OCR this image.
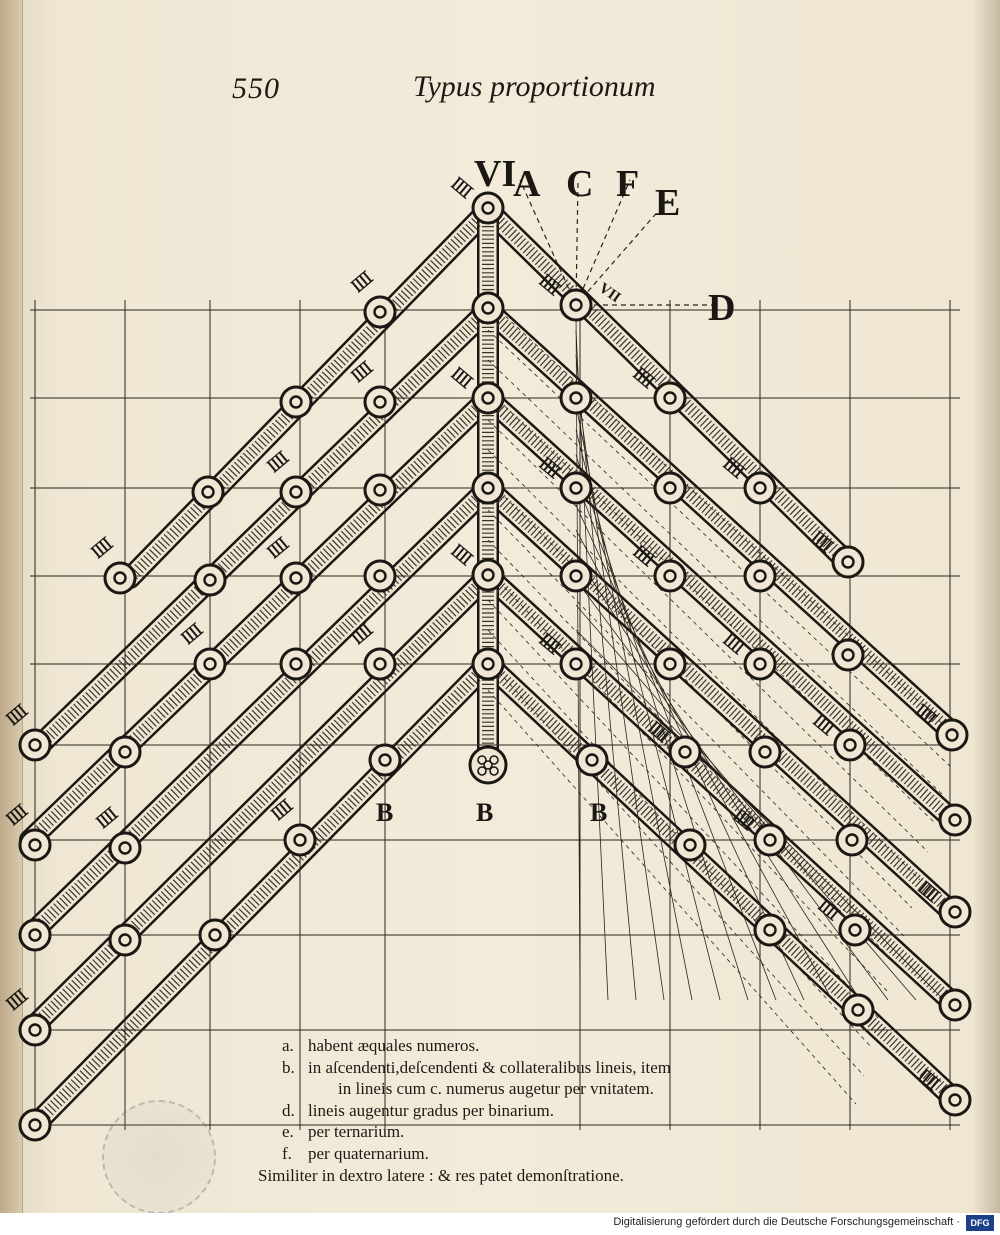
550	Typus proportionum
VI
A C F E
D
B	B	B
VII
a. habent æquales numeros.
b. in aſcendenti,deſcendenti & collateralibus lineis, item
in lineis cum c. numerus augetur per vnitatem.
d. lineis augentur gradus per binarium.
e. per ternarium.
f. per quaternarium.
Similiter in dextro latere : & res patet demonſtratione.
Digitalisierung gefördert durch die Deutsche Forschungsgemeinschaft ·	DFG
